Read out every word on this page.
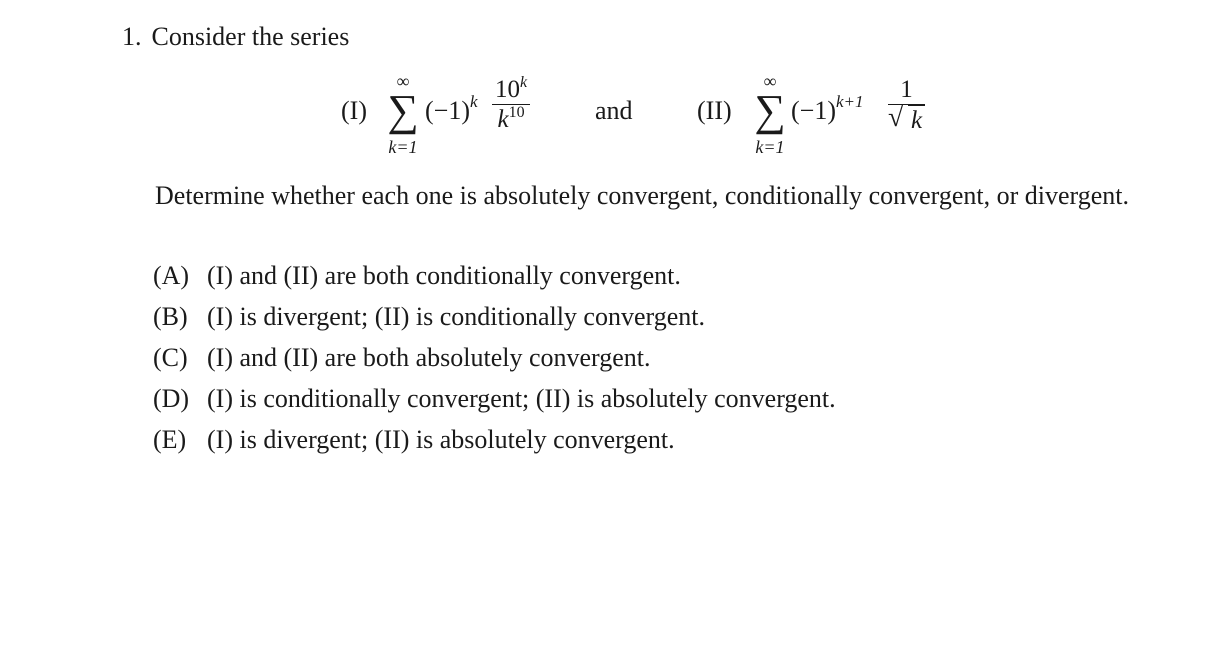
1. Consider the series
(I)
∞
∑
k=1
$(-1)^k \frac{10^k}{k^{10}}$ and (II)
∞
∑
k=1
$(-1)^{k+1} \frac{1}{√ k}$
Determine whether each one is absolutely convergent, conditionally convergent, or divergent.
(A) (I) and (II) are both conditionally convergent.
(B) (I) is divergent; (II) is conditionally convergent.
(C) (I) and (II) are both absolutely convergent.
(D) (I) is conditionally convergent; (II) is absolutely convergent.
(E) (I) is divergent; (II) is absolutely convergent.
